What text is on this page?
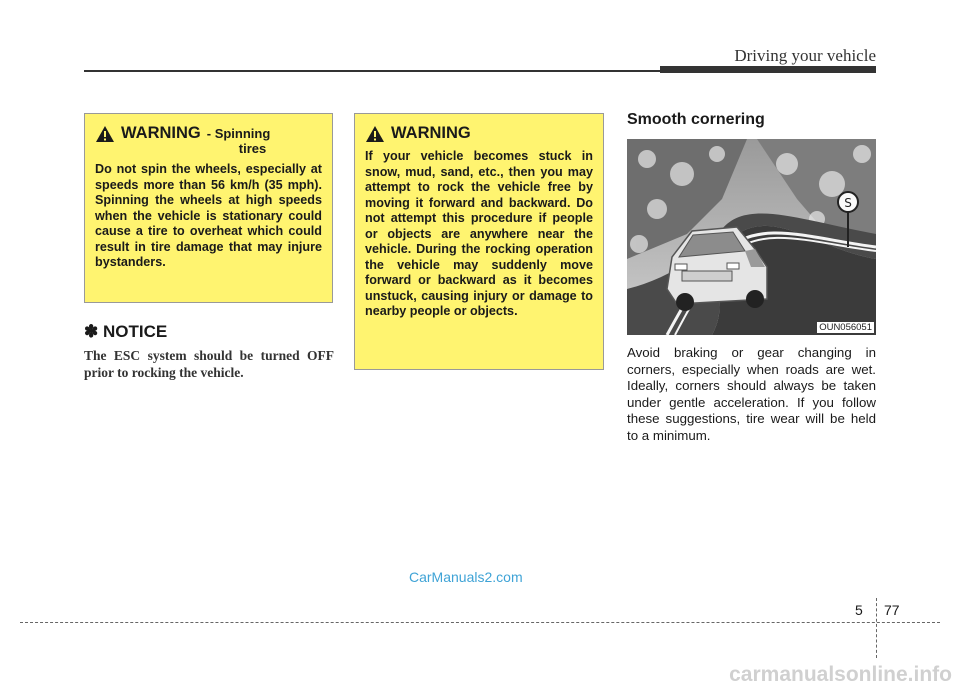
Driving your vehicle
WARNING - Spinning
tires
Do not spin the wheels, especially at speeds more than 56 km/h (35 mph). Spinning the wheels at high speeds when the vehicle is stationary could cause a tire to overheat which could result in tire damage that may injure bystanders.
✽ NOTICE
The ESC system should be turned OFF prior to rocking the vehicle.
WARNING
If your vehicle becomes stuck in snow, mud, sand, etc., then you may attempt to rock the vehicle free by moving it forward and backward. Do not attempt this procedure if people or objects are anywhere near the vehicle. During the rocking operation the vehicle may suddenly move forward or backward as it becomes unstuck, causing injury or damage to nearby people or objects.
Smooth cornering
S
OUN056051
Avoid braking or gear changing in corners, especially when roads are wet. Ideally, corners should always be taken under gentle acceleration. If you follow these suggestions, tire wear will be held to a minimum.
CarManuals2.com
5 77
carmanualsonline.info
